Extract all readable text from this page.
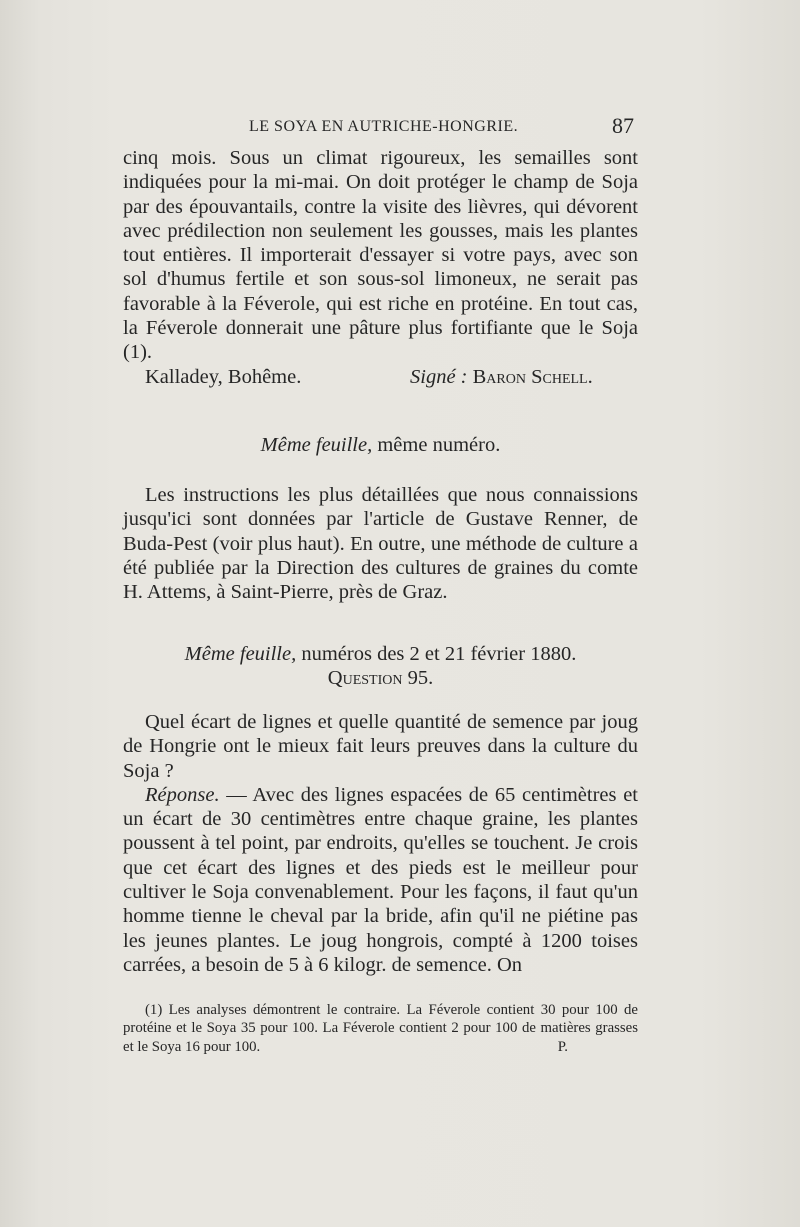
LE SOYA EN AUTRICHE-HONGRIE.	87

cinq mois. Sous un climat rigoureux, les semailles sont indiquées pour la mi-mai. On doit protéger le champ de Soja par des épouvantails, contre la visite des lièvres, qui dévorent avec prédilection non seulement les gousses, mais les plantes tout entières. Il importerait d'essayer si votre pays, avec son sol d'humus fertile et son sous-sol limoneux, ne serait pas favorable à la Féverole, qui est riche en protéine. En tout cas, la Féverole donnerait une pâture plus fortifiante que le Soja (1).

Kalladey, Bohême.	Signé : Baron Schell.
Même feuille, même numéro.

Les instructions les plus détaillées que nous connaissions jusqu'ici sont données par l'article de Gustave Renner, de Buda-Pest (voir plus haut). En outre, une méthode de culture a été publiée par la Direction des cultures de graines du comte H. Attems, à Saint-Pierre, près de Graz.

Même feuille, numéros des 2 et 21 février 1880.
Question 95.

Quel écart de lignes et quelle quantité de semence par joug de Hongrie ont le mieux fait leurs preuves dans la culture du Soja ?

Réponse. — Avec des lignes espacées de 65 centimètres et un écart de 30 centimètres entre chaque graine, les plantes poussent à tel point, par endroits, qu'elles se touchent. Je crois que cet écart des lignes et des pieds est le meilleur pour cultiver le Soja convenablement. Pour les façons, il faut qu'un homme tienne le cheval par la bride, afin qu'il ne piétine pas les jeunes plantes. Le joug hongrois, compté à 1200 toises carrées, a besoin de 5 à 6 kilogr. de semence. On

(1) Les analyses démontrent le contraire. La Féverole contient 30 pour 100 de protéine et le Soya 35 pour 100. La Féverole contient 2 pour 100 de matières grasses et le Soya 16 pour 100.	P.
